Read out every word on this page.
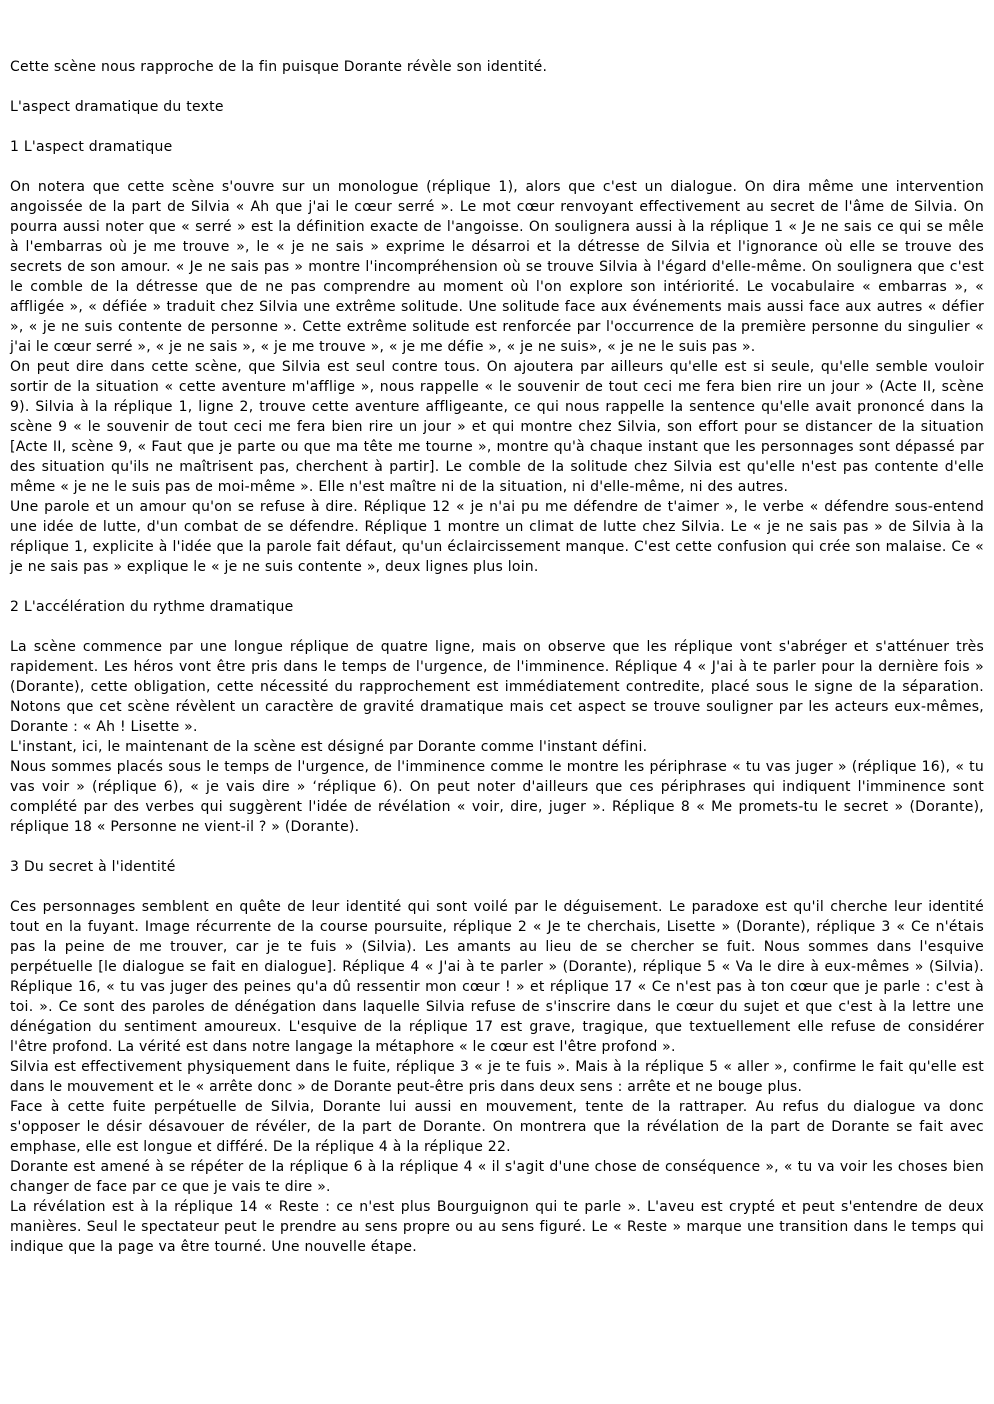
Cette scène nous rapproche de la fin puisque Dorante révèle son identité.

L'aspect dramatique du texte

1 L'aspect dramatique

On notera que cette scène s'ouvre sur un monologue (réplique 1), alors que c'est un dialogue. On dira même une intervention angoissée de la part de Silvia « Ah que j'ai le cœur serré ». Le mot cœur renvoyant effectivement au secret de l'âme de Silvia. On pourra aussi noter que « serré » est la définition exacte de l'angoisse. On soulignera aussi à la réplique 1 « Je ne sais ce qui se mêle à l'embarras où je me trouve », le « je ne sais » exprime le désarroi et la détresse de Silvia et l'ignorance où elle se trouve des secrets de son amour. « Je ne sais pas » montre l'incompréhension où se trouve Silvia à l'égard d'elle-même. On soulignera que c'est le comble de la détresse que de ne pas comprendre au moment où l'on explore son intériorité. Le vocabulaire « embarras », « affligée », « défiée » traduit chez Silvia une extrême solitude. Une solitude face aux événements mais aussi face aux autres « défier », « je ne suis contente de personne ». Cette extrême solitude est renforcée par l'occurrence de la première personne du singulier « j'ai le cœur serré », « je ne sais », « je me trouve », « je me défie », « je ne suis», « je ne le suis pas ».

On peut dire dans cette scène, que Silvia est seul contre tous. On ajoutera par ailleurs qu'elle est si seule, qu'elle semble vouloir sortir de la situation « cette aventure m'afflige », nous rappelle « le souvenir de tout ceci me fera bien rire un jour » (Acte II, scène 9). Silvia à la réplique 1, ligne 2, trouve cette aventure affligeante, ce qui nous rappelle la sentence qu'elle avait prononcé dans la scène 9 « le souvenir de tout ceci me fera bien rire un jour » et qui montre chez Silvia, son effort pour se distancer de la situation [Acte II, scène 9, « Faut que je parte ou que ma tête me tourne », montre qu'à chaque instant que les personnages sont dépassé par des situation qu'ils ne maîtrisent pas, cherchent à partir]. Le comble de la solitude chez Silvia est qu'elle n'est pas contente d'elle même « je ne le suis pas de moi-même ». Elle n'est maître ni de la situation, ni d'elle-même, ni des autres.

Une parole et un amour qu'on se refuse à dire. Réplique 12 « je n'ai pu me défendre de t'aimer », le verbe « défendre sous-entend une idée de lutte, d'un combat de se défendre. Réplique 1 montre un climat de lutte chez Silvia. Le « je ne sais pas » de Silvia à la réplique 1, explicite à l'idée que la parole fait défaut, qu'un éclaircissement manque. C'est cette confusion qui crée son malaise. Ce « je ne sais pas » explique le « je ne suis contente », deux lignes plus loin.

2 L'accélération du rythme dramatique

La scène commence par une longue réplique de quatre ligne, mais on observe que les réplique vont s'abréger et s'atténuer très rapidement. Les héros vont être pris dans le temps de l'urgence, de l'imminence. Réplique 4 « J'ai à te parler pour la dernière fois » (Dorante), cette obligation, cette nécessité du rapprochement est immédiatement contredite, placé sous le signe de la séparation. Notons que cet scène révèlent un caractère de gravité dramatique mais cet aspect se trouve souligner par les acteurs eux-mêmes, Dorante : « Ah ! Lisette ».

L'instant, ici, le maintenant de la scène est désigné par Dorante comme l'instant défini.

Nous sommes placés sous le temps de l'urgence, de l'imminence comme le montre les périphrase « tu vas juger » (réplique 16), « tu vas voir » (réplique 6), « je vais dire » ‘réplique 6). On peut noter d'ailleurs que ces périphrases qui indiquent l'imminence sont complété par des verbes qui suggèrent l'idée de révélation « voir, dire, juger ». Réplique 8 « Me promets-tu le secret » (Dorante), réplique 18 « Personne ne vient-il ? » (Dorante).

3 Du secret à l'identité

Ces personnages semblent en quête de leur identité qui sont voilé par le déguisement. Le paradoxe est qu'il cherche leur identité tout en la fuyant. Image récurrente de la course poursuite, réplique 2 « Je te cherchais, Lisette » (Dorante), réplique 3 « Ce n'étais pas la peine de me trouver, car je te fuis » (Silvia). Les amants au lieu de se chercher se fuit. Nous sommes dans l'esquive perpétuelle [le dialogue se fait en dialogue]. Réplique 4 « J'ai à te parler » (Dorante), réplique 5 « Va le dire à eux-mêmes » (Silvia). Réplique 16, « tu vas juger des peines qu'a dû ressentir mon cœur ! » et réplique 17 « Ce n'est pas à ton cœur que je parle : c'est à toi. ». Ce sont des paroles de dénégation dans laquelle Silvia refuse de s'inscrire dans le cœur du sujet et que c'est à la lettre une dénégation du sentiment amoureux. L'esquive de la réplique 17 est grave, tragique, que textuellement elle refuse de considérer l'être profond. La vérité est dans notre langage la métaphore « le cœur est l'être profond ».

Silvia est effectivement physiquement dans le fuite, réplique 3 « je te fuis ». Mais à la réplique 5 « aller », confirme le fait qu'elle est dans le mouvement et le « arrête donc » de Dorante peut-être pris dans deux sens : arrête et ne bouge plus.

Face à cette fuite perpétuelle de Silvia, Dorante lui aussi en mouvement, tente de la rattraper. Au refus du dialogue va donc s'opposer le désir désavouer de révéler, de la part de Dorante. On montrera que la révélation de la part de Dorante se fait avec emphase, elle est longue et différé. De la réplique 4 à la réplique 22.

Dorante est amené à se répéter de la réplique 6 à la réplique 4 « il s'agit d'une chose de conséquence », « tu va voir les choses bien changer de face par ce que je vais te dire ».

La révélation est à la réplique 14 « Reste : ce n'est plus Bourguignon qui te parle ». L'aveu est crypté et peut s'entendre de deux manières. Seul le spectateur peut le prendre au sens propre ou au sens figuré. Le « Reste » marque une transition dans le temps qui indique que la page va être tourné. Une nouvelle étape.
